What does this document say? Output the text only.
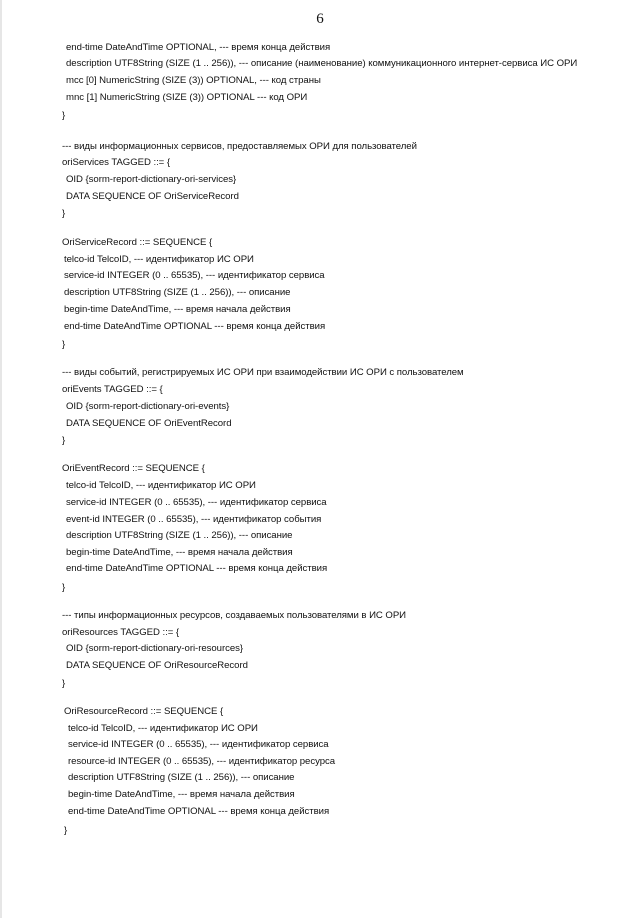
6
end-time DateAndTime OPTIONAL, --- время конца действия
description UTF8String (SIZE (1 .. 256)), --- описание (наименование) коммуникационного интернет-сервиса ИС ОРИ
mcc [0] NumericString (SIZE (3)) OPTIONAL, --- код страны
mnc [1] NumericString (SIZE (3)) OPTIONAL --- код ОРИ
}
--- виды информационных сервисов, предоставляемых ОРИ для пользователей
oriServices TAGGED ::= {
OID {sorm-report-dictionary-ori-services}
DATA SEQUENCE OF OriServiceRecord
}
OriServiceRecord ::= SEQUENCE {
telco-id TelcoID, --- идентификатор ИС ОРИ
service-id INTEGER (0 .. 65535), --- идентификатор сервиса
description UTF8String (SIZE (1 .. 256)), --- описание
begin-time DateAndTime, --- время начала действия
end-time DateAndTime OPTIONAL --- время конца действия
}
--- виды событий, регистрируемых ИС ОРИ при взаимодействии ИС ОРИ с пользователем
oriEvents TAGGED ::= {
OID {sorm-report-dictionary-ori-events}
DATA SEQUENCE OF OriEventRecord
}
OriEventRecord ::= SEQUENCE {
telco-id TelcoID, --- идентификатор ИС ОРИ
service-id INTEGER (0 .. 65535), --- идентификатор сервиса
event-id INTEGER (0 .. 65535), --- идентификатор события
description UTF8String (SIZE (1 .. 256)), --- описание
begin-time DateAndTime, --- время начала действия
end-time DateAndTime OPTIONAL --- время конца действия
}
--- типы информационных ресурсов, создаваемых пользователями в ИС ОРИ
oriResources TAGGED ::= {
OID {sorm-report-dictionary-ori-resources}
DATA SEQUENCE OF OriResourceRecord
}
OriResourceRecord ::= SEQUENCE {
telco-id TelcoID, --- идентификатор ИС ОРИ
service-id INTEGER (0 .. 65535), --- идентификатор сервиса
resource-id INTEGER (0 .. 65535), --- идентификатор ресурса
description UTF8String (SIZE (1 .. 256)), --- описание
begin-time DateAndTime, --- время начала действия
end-time DateAndTime OPTIONAL --- время конца действия
}
